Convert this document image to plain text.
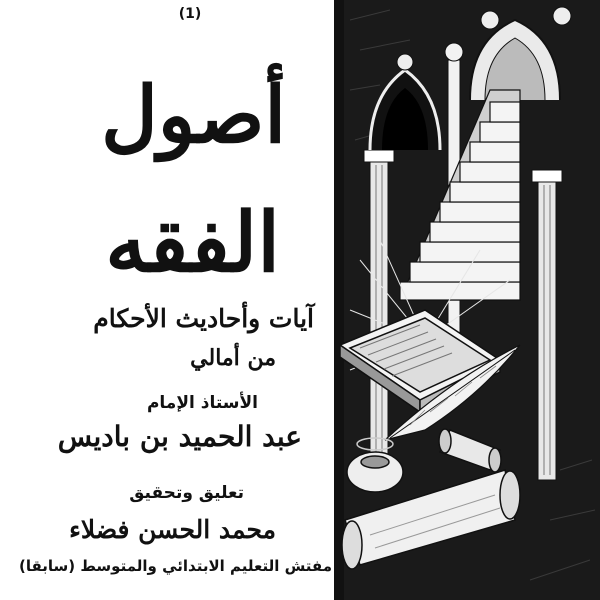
(1)
أصول
الفقه
آيات وأحاديث الأحكام
من أمالي
الأستاذ الإمام
عبد الحميد بن باديس
تعليق وتحقيق
محمد الحسن فضلاء
مفتش التعليم الابتدائي والمتوسط (سابقا)
